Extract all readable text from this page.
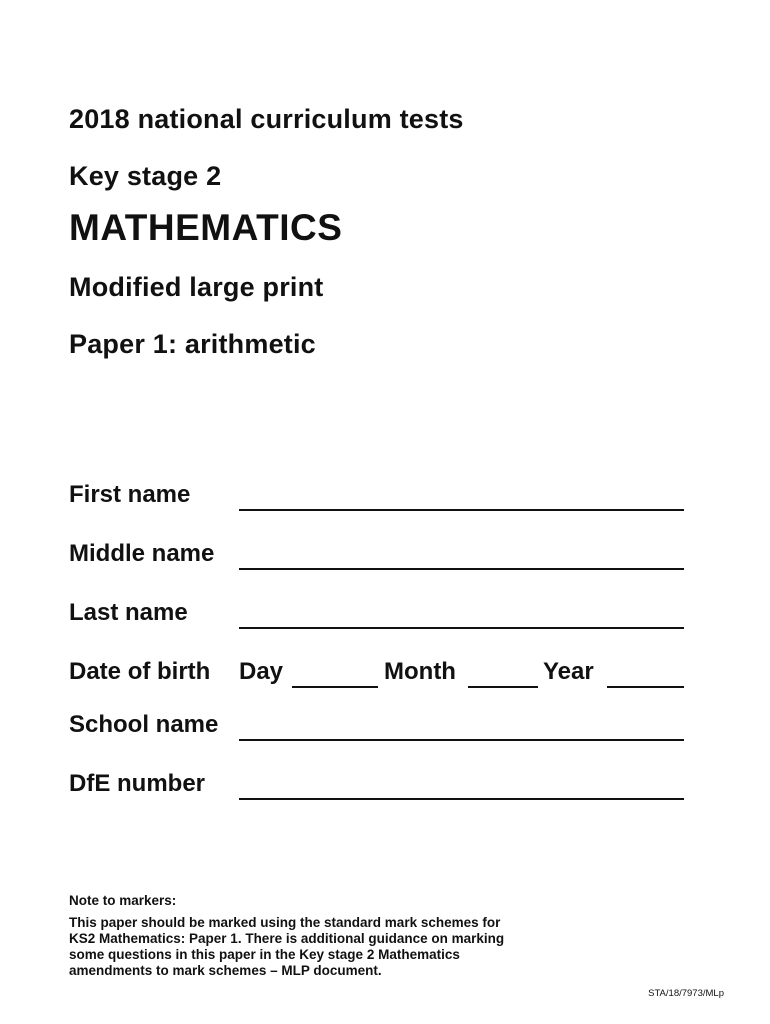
2018 national curriculum tests

Key stage 2

MATHEMATICS

Modified large print

Paper 1: arithmetic

First name
Middle name
Last name
Date of birth Day	Month	Year
School name
DfE number

Note to markers:

This paper should be marked using the standard mark schemes for
KS2 Mathematics: Paper 1. There is additional guidance on marking
some questions in this paper in the Key stage 2 Mathematics
amendments to mark schemes – MLP document.

STA/18/7973/MLp
